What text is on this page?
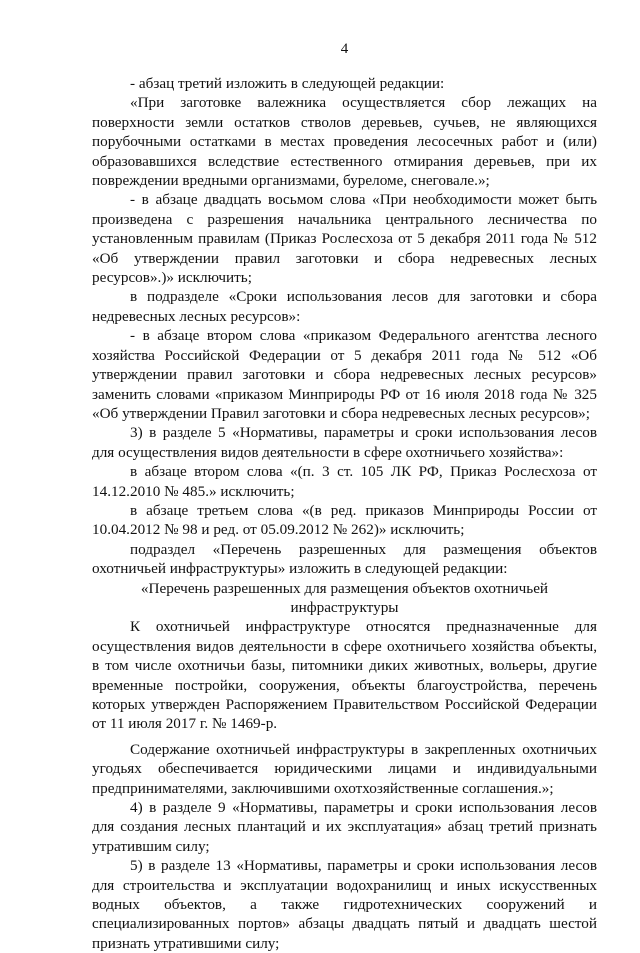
4

- абзац третий изложить в следующей редакции:

«При заготовке валежника осуществляется сбор лежащих на поверхности земли остатков стволов деревьев, сучьев, не являющихся порубочными остатками в местах проведения лесосечных работ и (или) образовавшихся вследствие естественного отмирания деревьев, при их повреждении вредными организмами, буреломе, снеговале.»;

- в абзаце двадцать восьмом слова «При необходимости может быть произведена с разрешения начальника центрального лесничества по установленным правилам (Приказ Рослесхоза от 5 декабря 2011 года № 512 «Об утверждении правил заготовки и сбора недревесных лесных ресурсов».)» исключить;

в подразделе «Сроки использования лесов для заготовки и сбора недревесных лесных ресурсов»:

- в абзаце втором слова «приказом Федерального агентства лесного хозяйства Российской Федерации от 5 декабря 2011 года № 512 «Об утверждении правил заготовки и сбора недревесных лесных ресурсов» заменить словами «приказом Минприроды РФ от 16 июля 2018 года № 325 «Об утверждении Правил заготовки и сбора недревесных лесных ресурсов»;

3) в разделе 5 «Нормативы, параметры и сроки использования лесов для осуществления видов деятельности в сфере охотничьего хозяйства»:

в абзаце втором слова «(п. 3 ст. 105 ЛК РФ, Приказ Рослесхоза от 14.12.2010 № 485.» исключить;

в абзаце третьем слова «(в ред. приказов Минприроды России от 10.04.2012 № 98 и ред. от 05.09.2012 № 262)» исключить;

подраздел «Перечень разрешенных для размещения объектов охотничьей инфраструктуры» изложить в следующей редакции:

«Перечень разрешенных для размещения объектов охотничьей инфраструктуры

К охотничьей инфраструктуре относятся предназначенные для осуществления видов деятельности в сфере охотничьего хозяйства объекты, в том числе охотничьи базы, питомники диких животных, вольеры, другие временные постройки, сооружения, объекты благоустройства, перечень которых утвержден Распоряжением Правительством Российской Федерации от 11 июля 2017 г. № 1469-р.

Содержание охотничьей инфраструктуры в закрепленных охотничьих угодьях обеспечивается юридическими лицами и индивидуальными предпринимателями, заключившими охотхозяйственные соглашения.»;

4) в разделе 9 «Нормативы, параметры и сроки использования лесов для создания лесных плантаций и их эксплуатация» абзац третий признать утратившим силу;

5) в разделе 13 «Нормативы, параметры и сроки использования лесов для строительства и эксплуатации водохранилищ и иных искусственных водных объектов, а также гидротехнических сооружений и специализированных портов» абзацы двадцать пятый и двадцать шестой признать утратившими силу;
